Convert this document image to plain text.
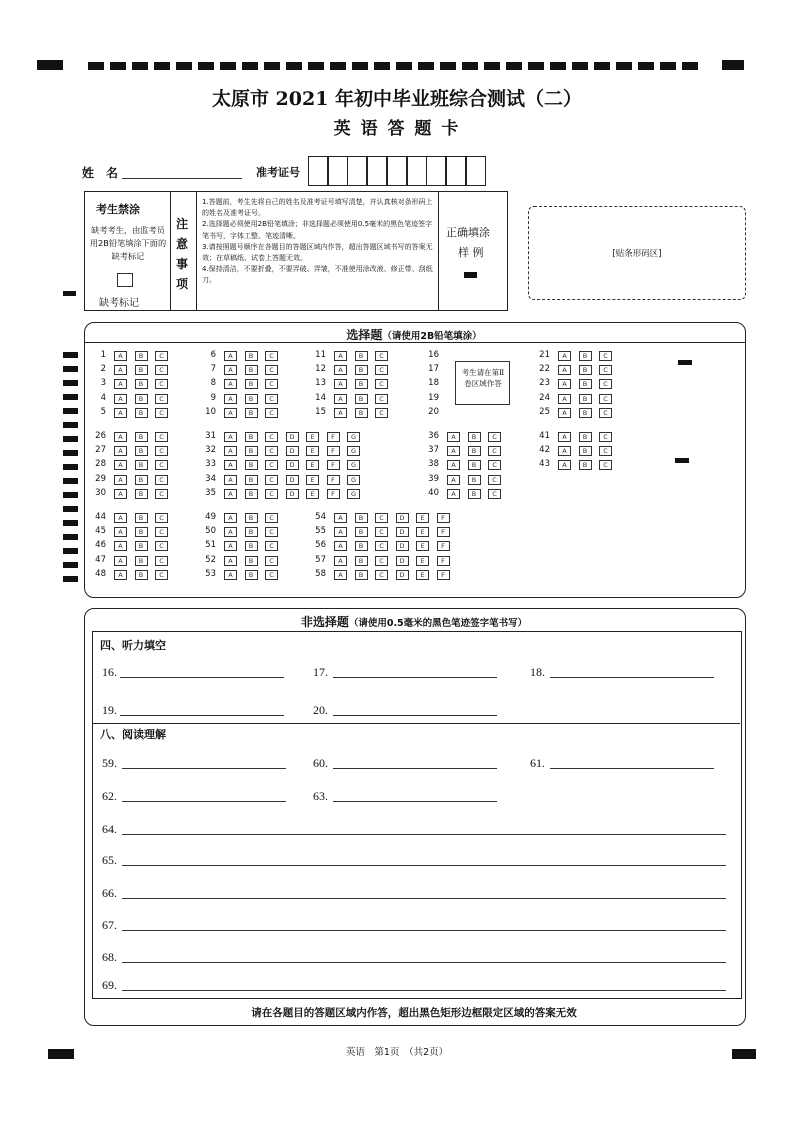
太原市 2021 年初中毕业班综合测试（二）
英 语 答 题 卡
姓　名	准考证号
考生禁涂
缺考考生，由监考员用2B铅笔填涂下面的缺考标记
缺考标记
注意事项
1.答题前，考生先将自己的姓名及准考证号填写清楚，并认真核对条形码上的姓名及准考证号。
2.选择题必须使用2B铅笔填涂；非选择题必须使用0.5毫米的黑色笔迹签字笔书写，字体工整、笔迹清晰。
3.请按照题号顺序在各题目的答题区域内作答，超出答题区域书写的答案无效；在草稿纸、试卷上答题无效。
4.保持清洁，不要折叠，不要弄破、弄皱，不准使用涂改液、修正带、刮纸刀。
正确填涂
样 例	[贴条形码区]
选择题（请使用2B铅笔填涂）
1	A	B	C
2	A	B	C
3	A	B	C
4	A	B	C
5	A	B	C
6	A	B	C
7	A	B	C
8	A	B	C
9	A	B	C
10	A	B	C
11	A	B	C
12	A	B	C
13	A	B	C
14	A	B	C
15	A	B	C
16
17
18
19
20
21	A	B	C
22	A	B	C
23	A	B	C
24	A	B	C
25	A	B	C
26	A	B	C
27	A	B	C
28	A	B	C
29	A	B	C
30	A	B	C
31	A	B	C	D	E	F	G
32	A	B	C	D	E	F	G
33	A	B	C	D	E	F	G
34	A	B	C	D	E	F	G
35	A	B	C	D	E	F	G
36	A	B	C
37	A	B	C
38	A	B	C
39	A	B	C
40	A	B	C
41	A	B	C
42	A	B	C
43	A	B	C
44	A	B	C
45	A	B	C
46	A	B	C
47	A	B	C
48	A	B	C
49	A	B	C
50	A	B	C
51	A	B	C
52	A	B	C
53	A	B	C
54	A	B	C	D	E	F
55	A	B	C	D	E	F
56	A	B	C	D	E	F
57	A	B	C	D	E	F
58	A	B	C	D	E	F
考生请在第Ⅱ卷区域作答
非选择题（请使用0.5毫米的黑色笔迹签字笔书写）
四、听力填空
八、阅读理解
16.	17.	18.
19.	20.
59.	60.	61.
62.	63.
64.
65.
66.
67.
68.
69.
请在各题目的答题区域内作答，超出黑色矩形边框限定区域的答案无效
英语　第1页　（共2页）
